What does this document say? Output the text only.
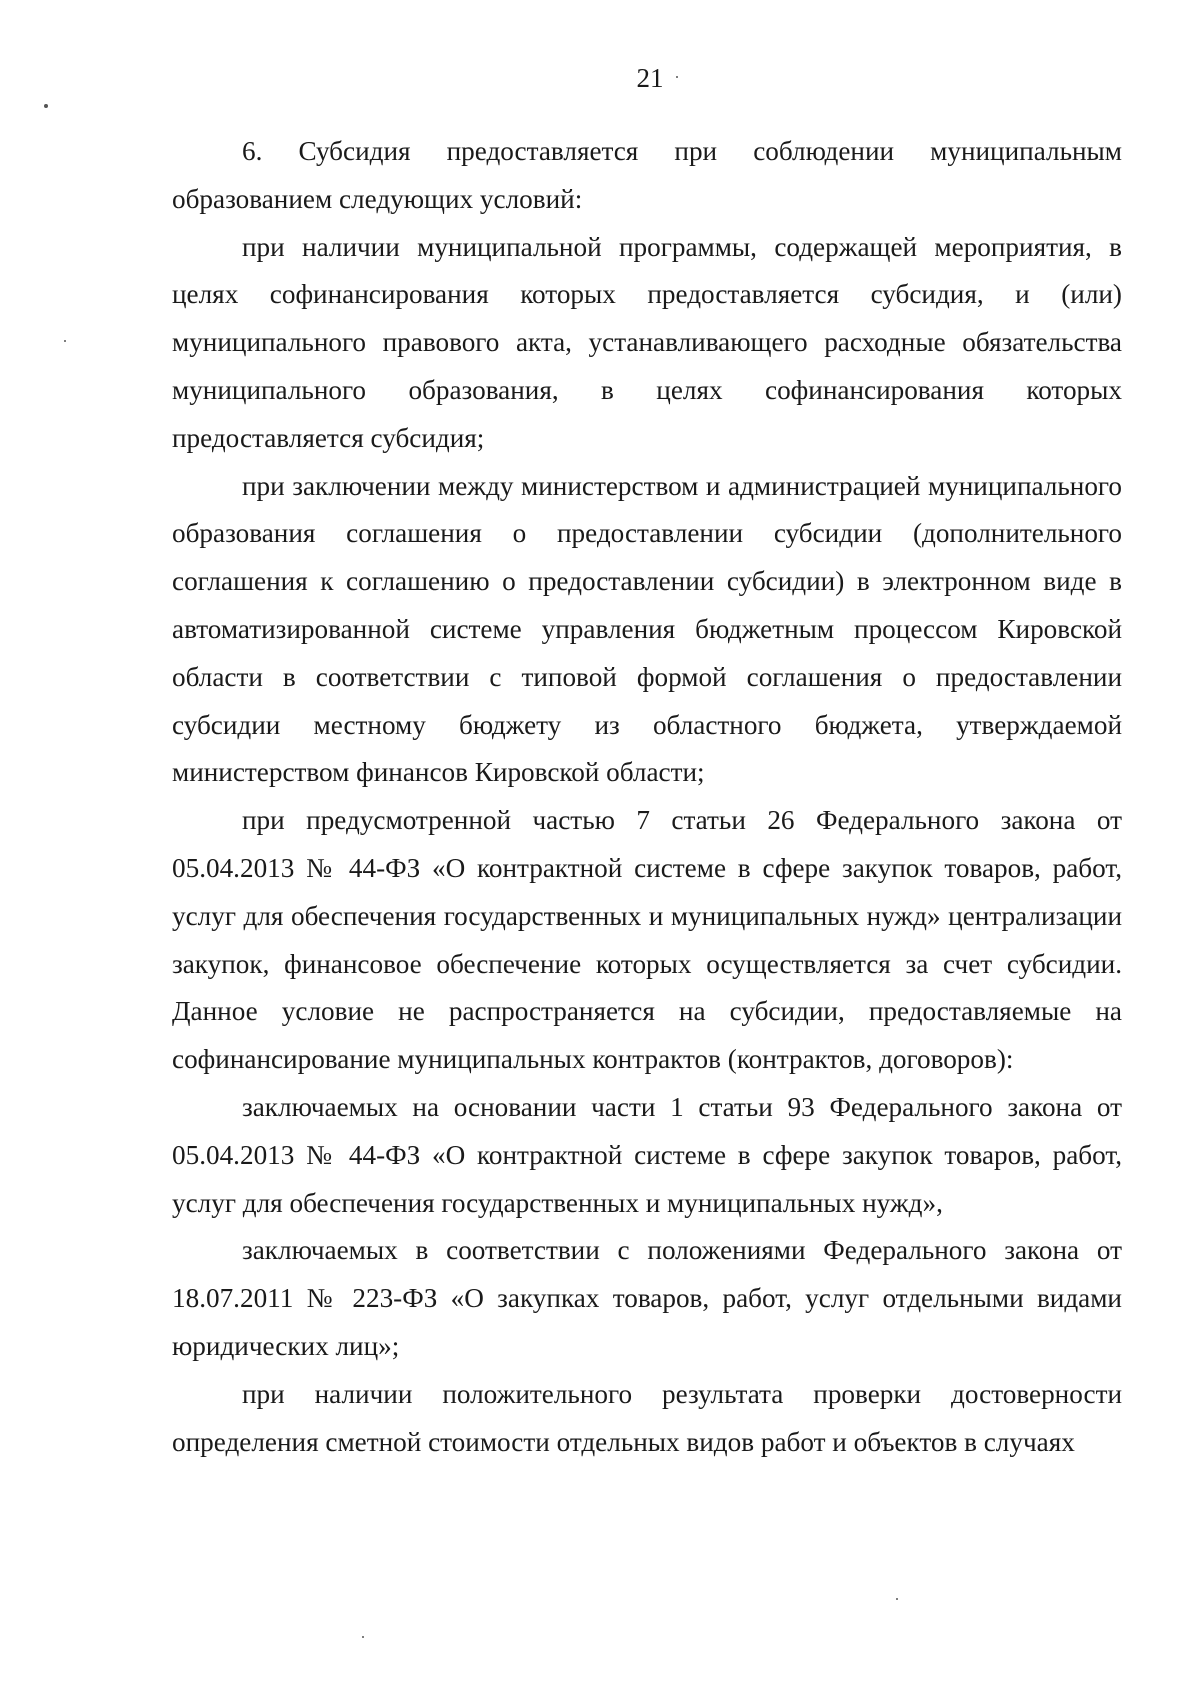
21

6. Субсидия предоставляется при соблюдении муниципальным образованием следующих условий:

при наличии муниципальной программы, содержащей мероприятия, в целях софинансирования которых предоставляется субсидия, и (или) муниципального правового акта, устанавливающего расходные обязательства муниципального образования, в целях софинансирования которых предоставляется субсидия;

при заключении между министерством и администрацией муниципального образования соглашения о предоставлении субсидии (дополнительного соглашения к соглашению о предоставлении субсидии) в электронном виде в автоматизированной системе управления бюджетным процессом Кировской области в соответствии с типовой формой соглашения о предоставлении субсидии местному бюджету из областного бюджета, утверждаемой министерством финансов Кировской области;

при предусмотренной частью 7 статьи 26 Федерального закона от 05.04.2013 № 44-ФЗ «О контрактной системе в сфере закупок товаров, работ, услуг для обеспечения государственных и муниципальных нужд» централизации закупок, финансовое обеспечение которых осуществляется за счет субсидии. Данное условие не распространяется на субсидии, предоставляемые на софинансирование муниципальных контрактов (контрактов, договоров):

заключаемых на основании части 1 статьи 93 Федерального закона от 05.04.2013 № 44-ФЗ «О контрактной системе в сфере закупок товаров, работ, услуг для обеспечения государственных и муниципальных нужд»,

заключаемых в соответствии с положениями Федерального закона от 18.07.2011 № 223-ФЗ «О закупках товаров, работ, услуг отдельными видами юридических лиц»;

при наличии положительного результата проверки достоверности определения сметной стоимости отдельных видов работ и объектов в случаях
